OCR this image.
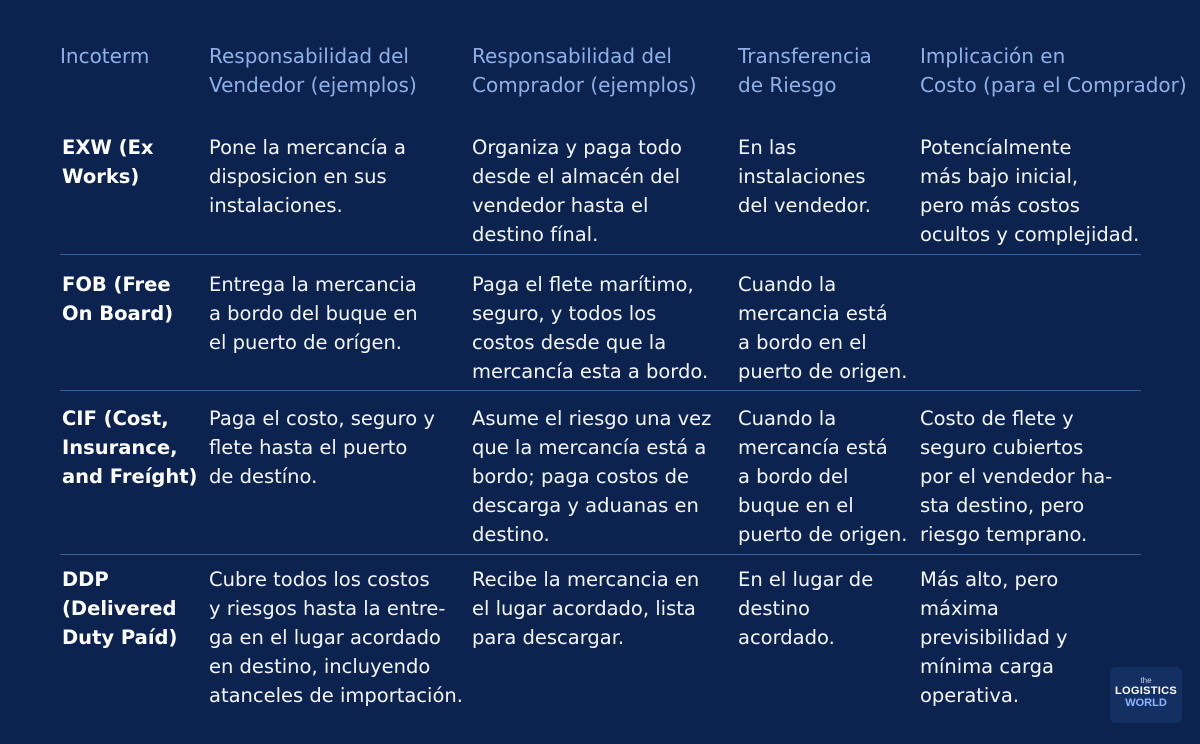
Incoterm	Responsabilidad del
Vendedor (ejemplos)
Responsabilidad del
Comprador (ejemplos)
Transferencia
de Riesgo
Implicación en
Costo (para el Comprador)
EXW (Ex
Works)
Pone la mercancía a
disposicion en sus
instalaciones.
Organiza y paga todo
desde el almacén del
vendedor hasta el
destino fínal.
En las
instalaciones
del vendedor.
Potencíalmente
más bajo inicial,
pero más costos
ocultos y complejidad.
FOB (Free
On Board)
Entrega la mercancia
a bordo del buque en
el puerto de orígen.
Paga el flete marítimo,
seguro, y todos los
costos desde que la
mercancía esta a bordo.
Cuando la
mercancia está
a bordo en el
puerto de origen.
CIF (Cost,
Insurance,
and Freíght)
Paga el costo, seguro y
flete hasta el puerto
de destíno.
Asume el riesgo una vez
que la mercancía está a
bordo; paga costos de
descarga y aduanas en
destino.
Cuando la
mercancía está
a bordo del
buque en el
puerto de origen.
Costo de flete y
seguro cubiertos
por el vendedor ha-
sta destino, pero
riesgo temprano.
DDP
(Delivered
Duty Paíd)
Cubre todos los costos
y riesgos hasta la entre-
ga en el lugar acordado
en destino, incluyendo
atanceles de importación.
Recibe la mercancia en
el lugar acordado, lista
para descargar.
En el lugar de
destino
acordado.
Más alto, pero
máxima
previsibilidad y
mínima carga
operativa.
the
LOGISTICS
WORLD
